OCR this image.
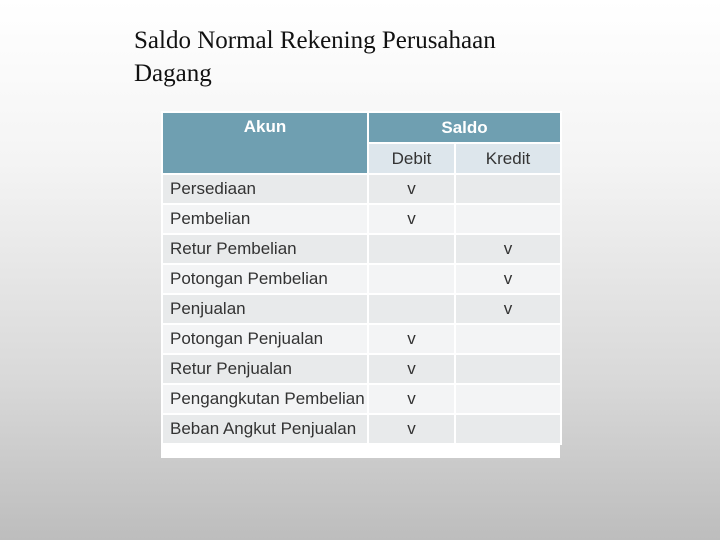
Saldo Normal Rekening Perusahaan
Dagang
Akun	Saldo	
	Debit	Kredit
Persediaan	v	
Pembelian	v	
Retur Pembelian		v
Potongan Pembelian		v
Penjualan		v
Potongan Penjualan	v	
Retur Penjualan	v	
Pengangkutan Pembelian	v	
Beban Angkut Penjualan	v	
